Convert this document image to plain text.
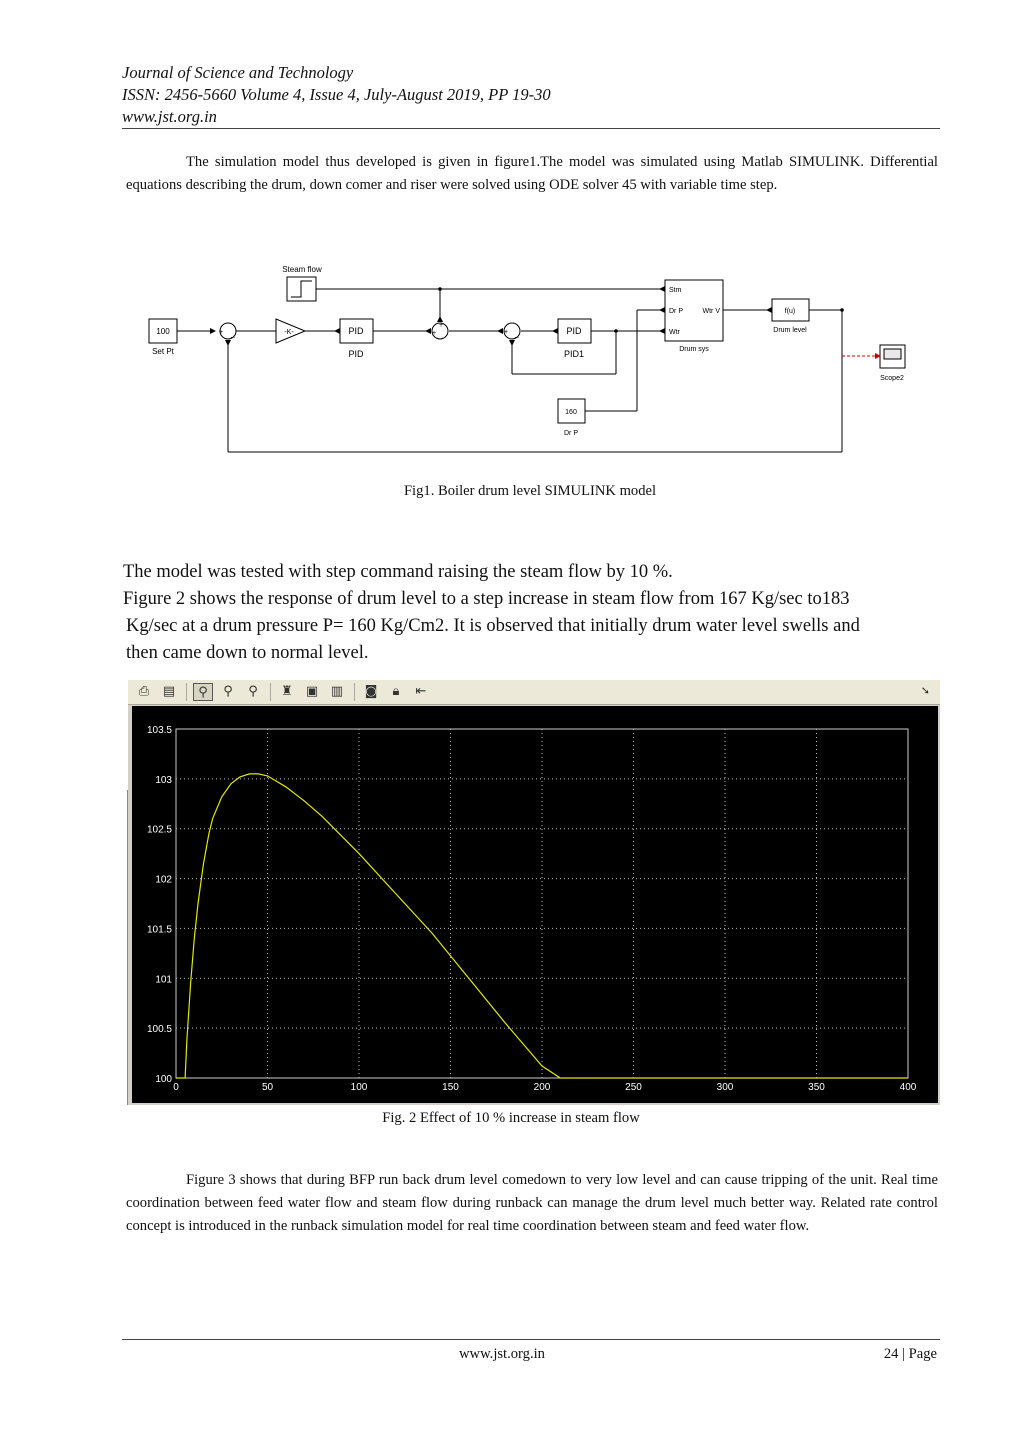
Journal of Science and Technology
ISSN: 2456-5660 Volume 4, Issue 4, July-August 2019, PP 19-30
www.jst.org.in
The simulation model thus developed is given in figure1.The model was simulated using Matlab SIMULINK. Differential equations describing the drum, down comer and riser were solved using ODE solver 45 with variable time step.
100
Set Pt
Steam flow
-K-	PID
PID
PID
PID1
Stm
Dr P
Wtr
Wtr V
Drum sys
f(u)
Drum level
160
Dr P
Scope2
+ _	+
+
+ _
Fig1. Boiler drum level SIMULINK model
The model was tested with step command raising the steam flow by 10 %.
Figure 2 shows the response of drum level to a step increase in steam flow from 167 Kg/sec to183
Kg/sec at a drum pressure P= 160 Kg/Cm2. It is observed that initially drum water level swells and
then came down to normal level.
⎙	▤	⚲	⚲	⚲	♜	▣ ▥ ◙	🔒︎	⇤	➘
0	50	100	150	200	250	300	350	400
100
100.5
101
101.5
102
102.5
103
103.5
Fig. 2 Effect of 10 % increase in steam flow
Figure 3 shows that during BFP run back drum level comedown to very low level and can cause tripping of the unit. Real time coordination between feed water flow and steam flow during runback can manage the drum level much better way. Related rate control concept is introduced in the runback simulation model for real time coordination between steam and feed water flow.
www.jst.org.in	24 | Page
